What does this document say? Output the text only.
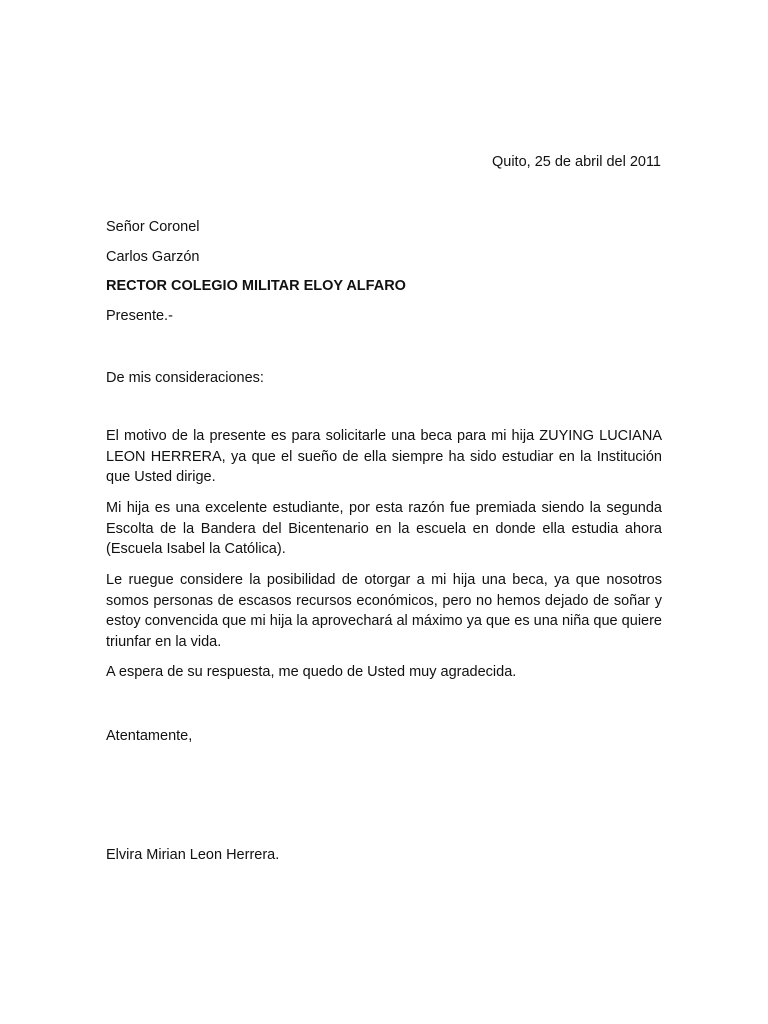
Quito, 25 de abril del 2011
Señor Coronel
Carlos Garzón
RECTOR COLEGIO MILITAR ELOY ALFARO
Presente.-
De mis consideraciones:
El motivo de la presente es para solicitarle una beca para mi hija ZUYING LUCIANA LEON HERRERA, ya que el sueño de ella siempre ha sido estudiar en la Institución que Usted dirige.
Mi hija es una excelente estudiante, por esta razón fue premiada siendo la segunda Escolta de la Bandera del Bicentenario en la escuela en donde ella estudia ahora (Escuela Isabel la Católica).
Le ruegue considere la posibilidad de otorgar a mi hija una beca, ya que nosotros somos personas de escasos recursos económicos, pero no hemos dejado de soñar y estoy convencida que mi hija la aprovechará al máximo ya que es una niña que quiere triunfar en la vida.
A espera de su respuesta, me quedo de Usted muy agradecida.
Atentamente,
Elvira Mirian Leon Herrera.
